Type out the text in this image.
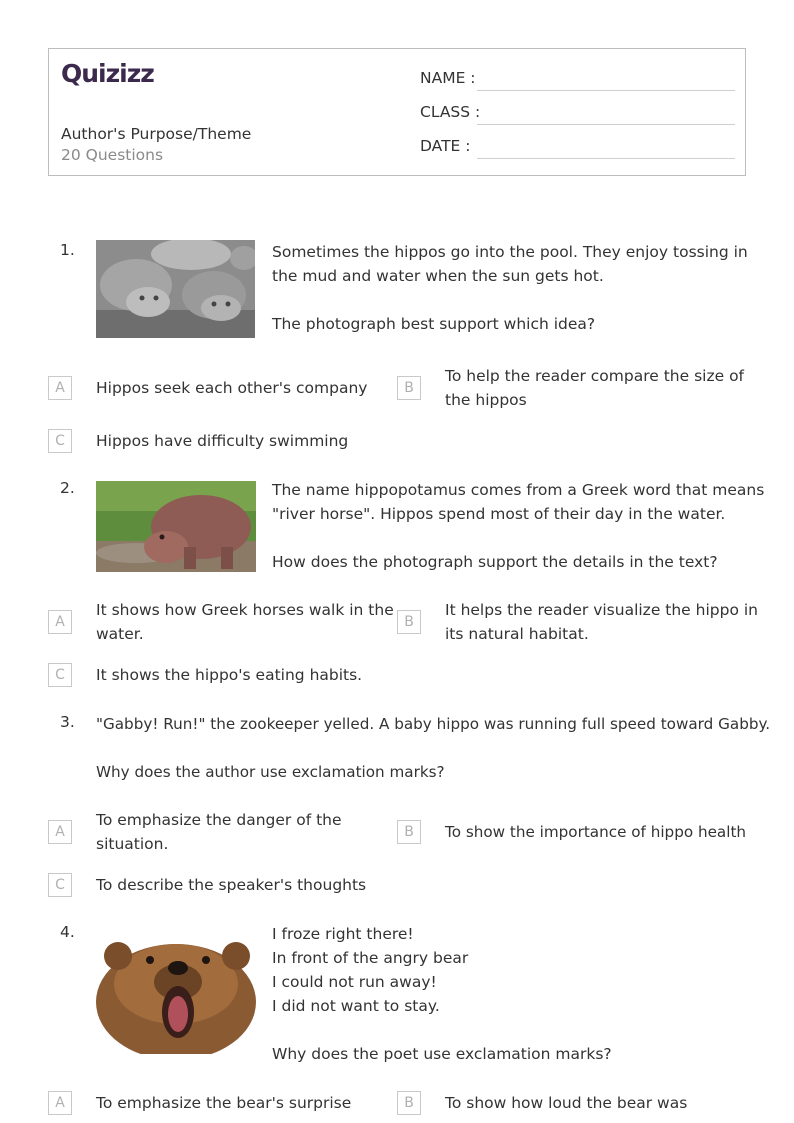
Quizizz
Author's Purpose/Theme
20 Questions
NAME :
CLASS :
DATE :
1.	Sometimes the hippos go into the pool. They enjoy tossing in
the mud and water when the sun gets hot.
The photograph best support which idea?
A	Hippos seek each other's company	B
To help the reader compare the size of
the hippos
C	Hippos have difficulty swimming
2.	The name hippopotamus comes from a Greek word that means
"river horse". Hippos spend most of their day in the water.
How does the photograph support the details in the text?
A
It shows how Greek horses walk in the
water.
B
It helps the reader visualize the hippo in
its natural habitat.
C	It shows the hippo's eating habits.
3. "Gabby! Run!" the zookeeper yelled. A baby hippo was running full speed toward Gabby.
Why does the author use exclamation marks?
A
To emphasize the danger of the
situation.
B	To show the importance of hippo health
C	To describe the speaker's thoughts
4.	I froze right there!
In front of the angry bear
I could not run away!
I did not want to stay.
Why does the poet use exclamation marks?
A	To emphasize the bear's surprise	B	To show how loud the bear was
